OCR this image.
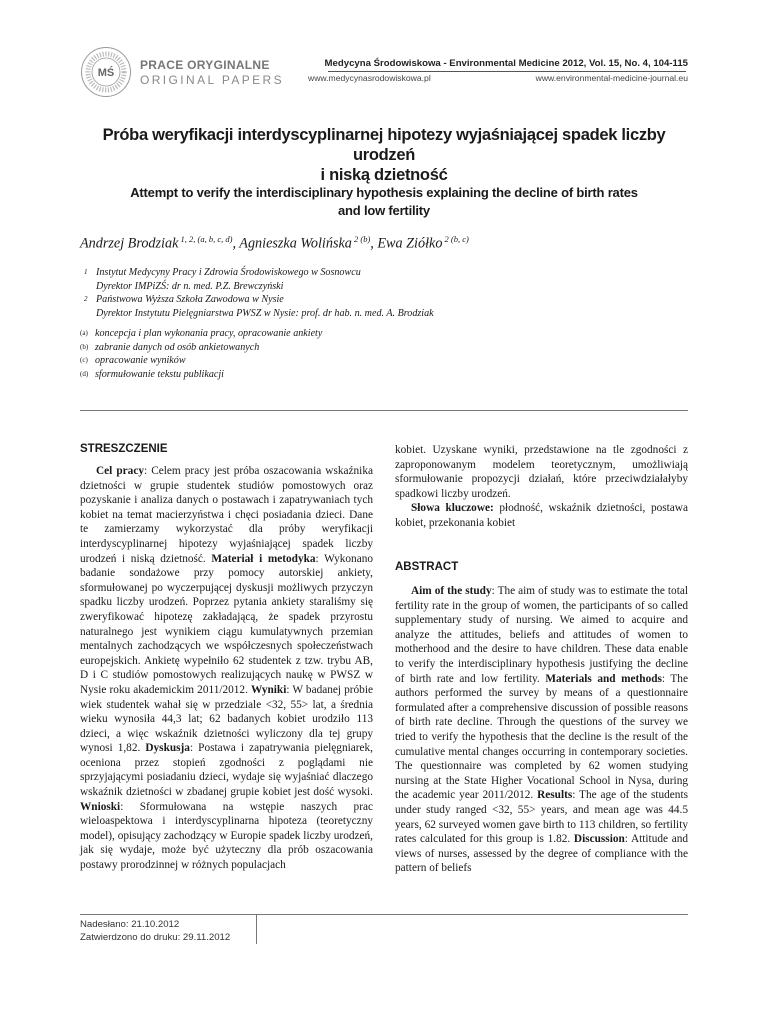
MŚ
PRACE ORYGINALNE
ORIGINAL PAPERS
Medycyna Środowiskowa - Environmental Medicine 2012, Vol. 15, No. 4, 104-115
www.medycynasrodowiskowa.pl	www.environmental-medicine-journal.eu
Próba weryfikacji interdyscyplinarnej hipotezy wyjaśniającej spadek liczby urodzeń
i niską dzietność
Attempt to verify the interdisciplinary hypothesis explaining the decline of birth rates
and low fertility
Andrzej Brodziak $^{1, 2, (a, b, c, d)}$, Agnieszka Wolińska $^{2 (b)}$, Ewa Ziółko $^{2 (b, c)}$
1 Instytut Medycyny Pracy i Zdrowia Środowiskowego w Sosnowcu
Dyrektor IMPiZŚ: dr n. med. P.Z. Brewczyński
2 Państwowa Wyższa Szkoła Zawodowa w Nysie
Dyrektor Instytutu Pielęgniarstwa PWSZ w Nysie: prof. dr hab. n. med. A. Brodziak
(a) koncepcja i plan wykonania pracy, opracowanie ankiety
(b) zabranie danych od osób ankietowanych
(c) opracowanie wyników
(d) sformułowanie tekstu publikacji
STRESZCZENIE

Cel pracy: Celem pracy jest próba oszacowania wskaźnika dzietności w grupie studentek studiów pomostowych oraz pozyskanie i analiza danych o postawach i zapatrywaniach tych kobiet na temat macierzyństwa i chęci posiadania dzieci. Dane te zamierzamy wykorzystać dla próby weryfikacji interdyscyplinarnej hipotezy wyjaśniającej spadek liczby urodzeń i niską dzietność. Materiał i metodyka: Wykonano badanie sondażowe przy pomocy autorskiej ankiety, sformułowanej po wyczerpującej dyskusji możliwych przyczyn spadku liczby urodzeń. Poprzez pytania ankiety staraliśmy się zweryfikować hipotezę zakładającą, że spadek przyrostu naturalnego jest wynikiem ciągu kumulatywnych przemian mentalnych zachodzących we współczesnych społeczeństwach europejskich. Ankietę wypełniło 62 studentek z tzw. trybu AB, D i C studiów pomostowych realizujących naukę w PWSZ w Nysie roku akademickim 2011/2012. Wyniki: W badanej próbie wiek studentek wahał się w przedziale <32, 55> lat, a średnia wieku wynosiła 44,3 lat; 62 badanych kobiet urodziło 113 dzieci, a więc wskaźnik dzietności wyliczony dla tej grupy wynosi 1,82. Dyskusja: Postawa i zapatrywania pielęgniarek, oceniona przez stopień zgodności z poglądami nie sprzyjającymi posiadaniu dzieci, wydaje się wyjaśniać dlaczego wskaźnik dzietności w zbadanej grupie kobiet jest dość wysoki. Wnioski: Sformułowana na wstępie naszych prac wieloaspektowa i interdyscyplinarna hipoteza (teoretyczny model), opisujący zachodzący w Europie spadek liczby urodzeń, jak się wydaje, może być użyteczny dla prób oszacowania postawy prorodzinnej w różnych populacjach

kobiet. Uzyskane wyniki, przedstawione na tle zgodności z zaproponowanym modelem teoretycznym, umożliwiają sformułowanie propozycji działań, które przeciwdziałałyby spadkowi liczby urodzeń.

Słowa kluczowe: płodność, wskaźnik dzietności, postawa kobiet, przekonania kobiet

ABSTRACT

Aim of the study: The aim of study was to estimate the total fertility rate in the group of women, the participants of so called supplementary study of nursing. We aimed to acquire and analyze the attitudes, beliefs and attitudes of women to motherhood and the desire to have children. These data enable to verify the interdisciplinary hypothesis justifying the decline of birth rate and low fertility. Materials and methods: The authors performed the survey by means of a questionnaire formulated after a comprehensive discussion of possible reasons of birth rate decline. Through the questions of the survey we tried to verify the hypothesis that the decline is the result of the cumulative mental changes occurring in contemporary societies. The questionnaire was completed by 62 women studying nursing at the State Higher Vocational School in Nysa, during the academic year 2011/2012. Results: The age of the students under study ranged <32, 55> years, and mean age was 44.5 years, 62 surveyed women gave birth to 113 children, so fertility rates calculated for this group is 1.82. Discussion: Attitude and views of nurses, assessed by the degree of compliance with the pattern of beliefs

Nadesłano: 21.10.2012
Zatwierdzono do druku: 29.11.2012
